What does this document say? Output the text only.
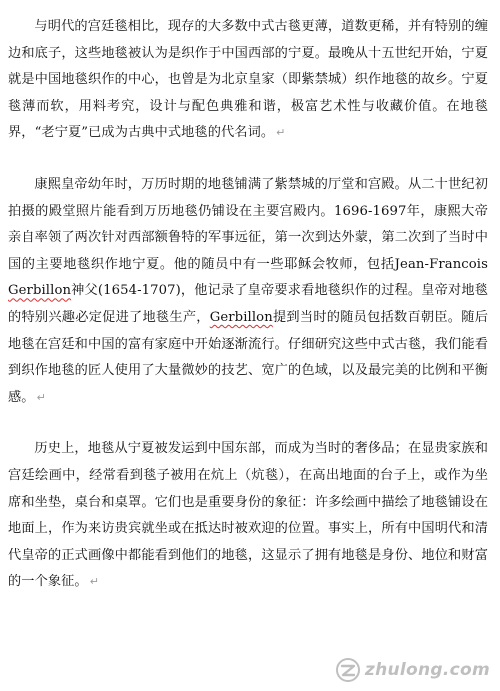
与明代的宫廷毯相比，现存的大多数中式古毯更薄，道数更稀，并有特别的缠边和底子，这些地毯被认为是织作于中国西部的宁夏。最晚从十五世纪开始，宁夏就是中国地毯织作的中心，也曾是为北京皇家（即紫禁城）织作地毯的故乡。宁夏毯薄而软，用料考究，设计与配色典雅和谐，极富艺术性与收藏价值。在地毯界，“老宁夏”已成为古典中式地毯的代名词。 ↵

康熙皇帝幼年时，万历时期的地毯铺满了紫禁城的厅堂和宫殿。从二十世纪初拍摄的殿堂照片能看到万历地毯仍铺设在主要宫殿内。1696-1697年，康熙大帝亲自率领了两次针对西部额鲁特的军事远征，第一次到达外蒙，第二次到了当时中国的主要地毯织作地宁夏。他的随员中有一些耶稣会牧师，包括Jean-Francois Gerbillon神父(1654-1707)，他记录了皇帝要求看地毯织作的过程。皇帝对地毯的特别兴趣必定促进了地毯生产，Gerbillon提到当时的随员包括数百朝臣。随后地毯在宫廷和中国的富有家庭中开始逐渐流行。仔细研究这些中式古毯，我们能看到织作地毯的匠人使用了大量微妙的技艺、宽广的色域，以及最完美的比例和平衡感。 ↵

历史上，地毯从宁夏被发运到中国东部，而成为当时的奢侈品；在显贵家族和宫廷绘画中，经常看到毯子被用在炕上（炕毯），在高出地面的台子上，或作为坐席和坐垫，桌台和桌罩。它们也是重要身份的象征：许多绘画中描绘了地毯铺设在地面上，作为来访贵宾就坐或在抵达时被欢迎的位置。事实上，所有中国明代和清代皇帝的正式画像中都能看到他们的地毯，这显示了拥有地毯是身份、地位和财富的一个象征。 ↵

zhulong.com
